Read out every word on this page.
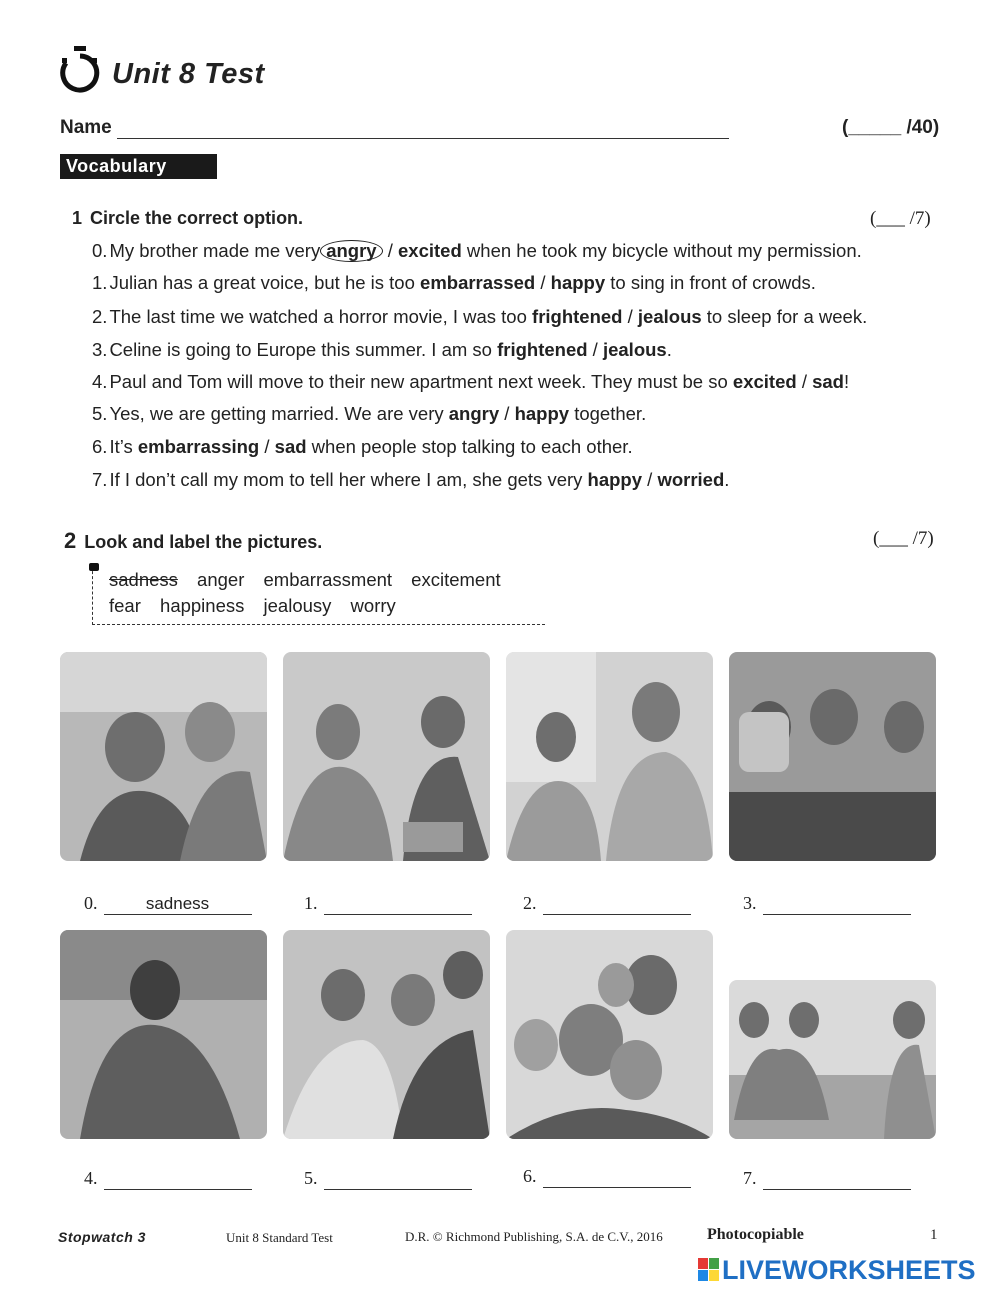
Unit 8 Test
Name	(_____ /40)
Vocabulary
1 Circle the correct option.	(___ /7)
0. My brother made me very angry / excited when he took my bicycle without my permission.
1. Julian has a great voice, but he is too embarrassed / happy to sing in front of crowds.
2. The last time we watched a horror movie, I was too frightened / jealous to sleep for a week.
3. Celine is going to Europe this summer. I am so frightened / jealous.
4. Paul and Tom will move to their new apartment next week. They must be so excited / sad!
5. Yes, we are getting married. We are very angry / happy together.
6. It’s embarrassing / sad when people stop talking to each other.
7. If I don’t call my mom to tell her where I am, she gets very happy / worried.
2 Look and label the pictures.	(___ /7)
sadness anger embarrassment excitement
fear happiness jealousy worry
0.	sadness	1.	2.	3.
4.	5.	6.	7.
Stopwatch 3	Unit 8 Standard Test	D.R. © Richmond Publishing, S.A. de C.V., 2016	Photocopiable	1
LIVEWORKSHEETS
